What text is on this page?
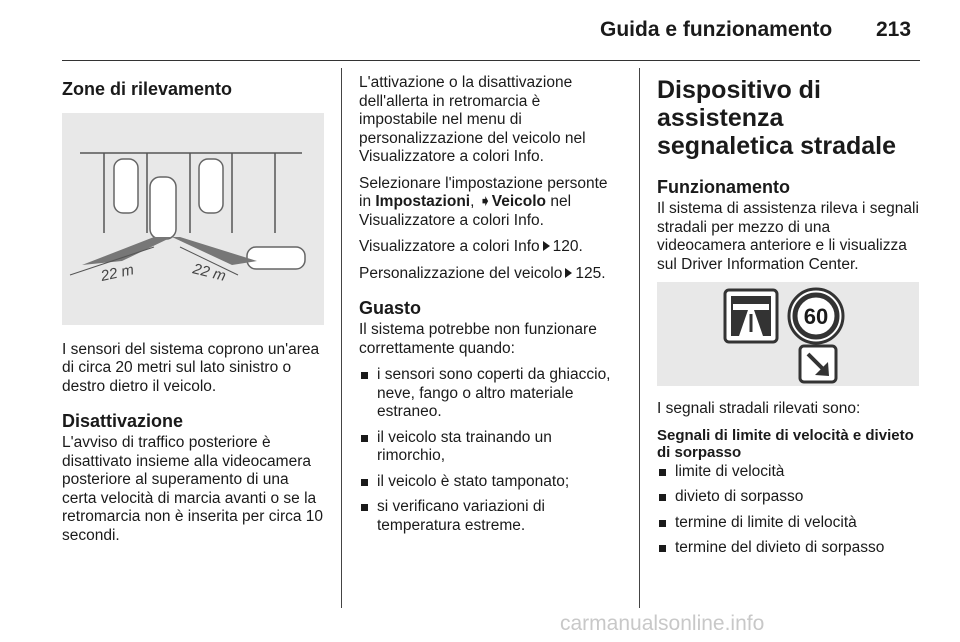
Guida e funzionamento 213
Zone di rilevamento
22 m	22 m

I sensori del sistema coprono un'area di circa 20 metri sul lato sinistro o destro dietro il veicolo.

Disattivazione

L'avviso di traffico posteriore è disattivato insieme alla videocamera posteriore al superamento di una certa velocità di marcia avanti o se la retromarcia non è inserita per circa 10 secondi.

L'attivazione o la disattivazione dell'allerta in retromarcia è impostabile nel menu di personalizzazione del veicolo nel Visualizzatore a colori Info.

Selezionare l'impostazione personte in Impostazioni, ➧Veicolo nel Visualizzatore a colori Info.

Visualizzatore a colori Info 120.

Personalizzazione del veicolo 125.

Guasto

Il sistema potrebbe non funzionare correttamente quando:

i sensori sono coperti da ghiaccio, neve, fango o altro materiale estraneo.
il veicolo sta trainando un rimorchio,
il veicolo è stato tamponato;
si verificano variazioni di temperatura estreme.
Dispositivo di assistenza segnaletica stradale
Funzionamento

Il sistema di assistenza rileva i segnali stradali per mezzo di una videocamera anteriore e li visualizza sul Driver Information Center.

60

I segnali stradali rilevati sono:

Segnali di limite di velocità e divieto di sorpasso
limite di velocità
divieto di sorpasso
termine di limite di velocità
termine del divieto di sorpasso
carmanualsonline.info
